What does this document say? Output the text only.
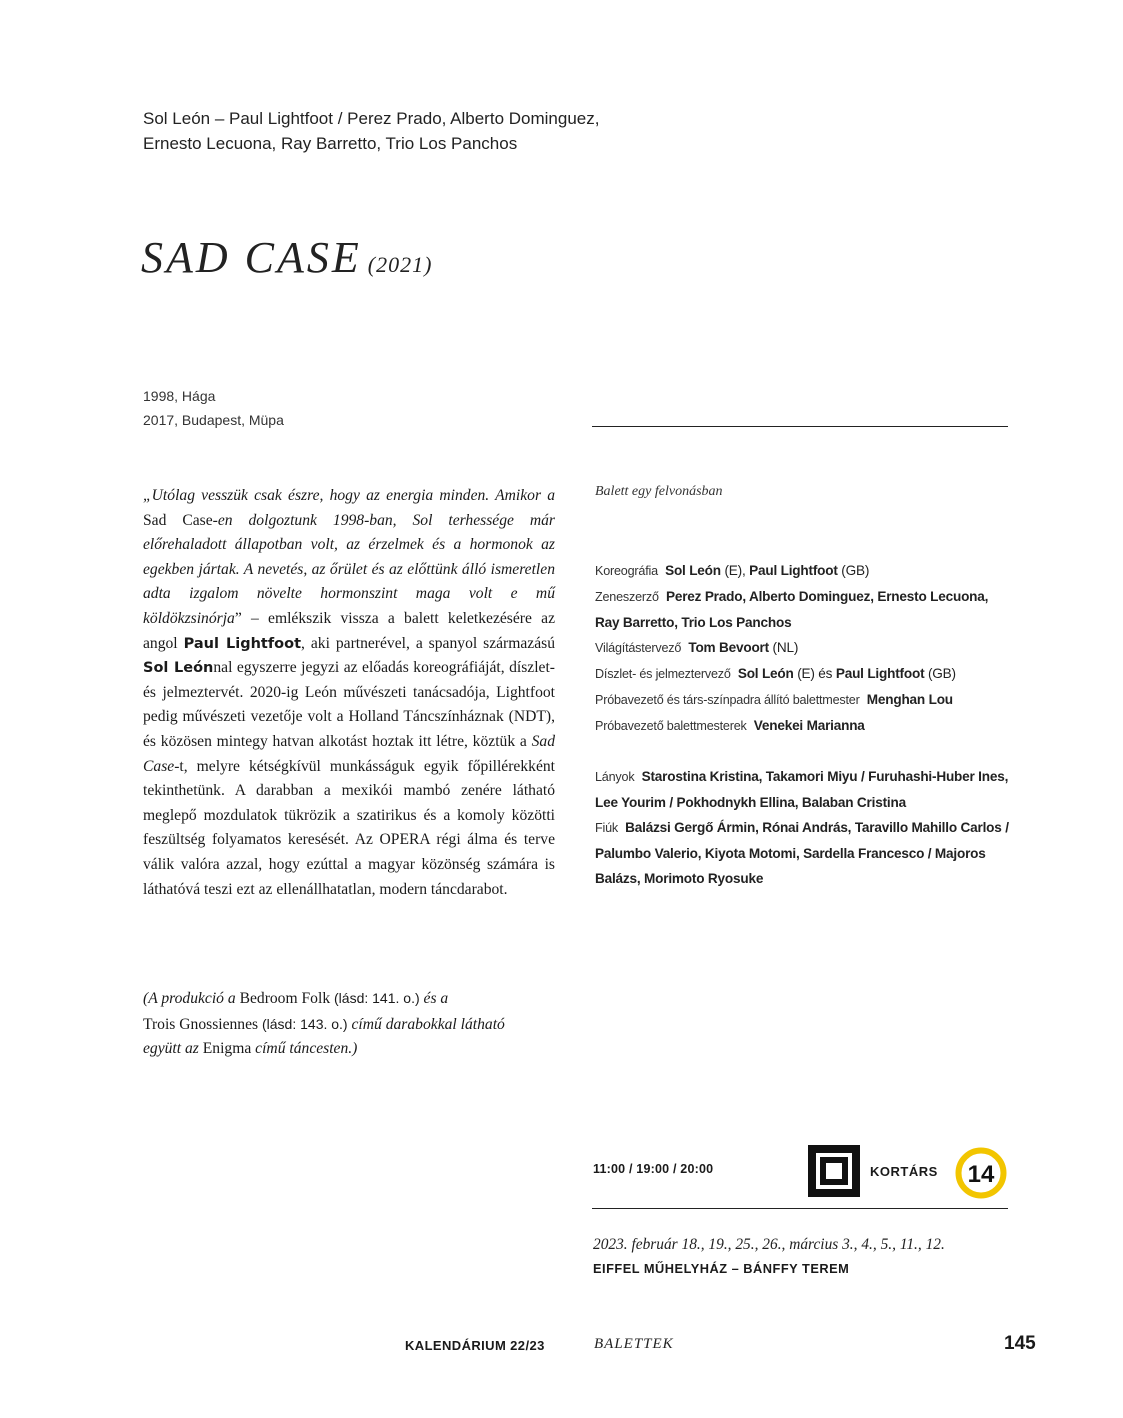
Sol León – Paul Lightfoot / Perez Prado, Alberto Dominguez,
Ernesto Lecuona, Ray Barretto, Trio Los Panchos
SAD CASE (2021)
1998, Hága
2017, Budapest, Müpa
„Utólag vesszük csak észre, hogy az energia minden. Amikor a Sad Case-en dolgoztunk 1998-ban, Sol terhessége már előrehaladott állapotban volt, az érzelmek és a hormonok az egekben jártak. A nevetés, az őrület és az előttünk álló ismeretlen adta izgalom növelte hormonszint maga volt e mű köldökzsinórja” – emlékszik vissza a balett keletkezésére az angol Paul Lightfoot, aki partnerével, a spanyol származású Sol Leónnal egyszerre jegyzi az előadás koreográfiáját, díszlet- és jelmeztervét. 2020-ig León művészeti tanácsadója, Lightfoot pedig művészeti vezetője volt a Holland Táncszínháznak (NDT), és közösen mintegy hatvan alkotást hoztak itt létre, köztük a Sad Case-t, melyre kétségkívül munkásságuk egyik főpillérekként tekinthetünk. A darabban a mexikói mambó zenére látható meglepő mozdulatok tükrözik a szatirikus és a komoly közötti feszültség folyamatos keresését. Az OPERA régi álma és terve válik valóra azzal, hogy ezúttal a magyar közönség számára is láthatóvá teszi ezt az ellenállhatatlan, modern táncdarabot.
(A produkció a Bedroom Folk (lásd: 141. o.) és a
Trois Gnossiennes (lásd: 143. o.) című darabokkal látható együtt az Enigma című táncesten.)
Balett egy felvonásban
Koreográfia Sol León (E), Paul Lightfoot (GB)
Zeneszerző Perez Prado, Alberto Dominguez, Ernesto Lecuona, Ray Barretto, Trio Los Panchos
Világítástervező Tom Bevoort (NL)
Díszlet- és jelmeztervező Sol León (E) és Paul Lightfoot (GB)
Próbavezető és társ-színpadra állító balettmester Menghan Lou
Próbavezető balettmesterek Venekei Marianna
Lányok Starostina Kristina, Takamori Miyu / Furuhashi-Huber Ines, Lee Yourim / Pokhodnykh Ellina, Balaban Cristina
Fiúk Balázsi Gergő Ármin, Rónai András, Taravillo Mahillo Carlos / Palumbo Valerio, Kiyota Motomi, Sardella Francesco / Majoros Balázs, Morimoto Ryosuke
11:00 / 19:00 / 20:00	KORTÁRS 14
2023. február 18., 19., 25., 26., március 3., 4., 5., 11., 12.
EIFFEL MŰHELYHÁZ – BÁNFFY TEREM
KALENDÁRIUM 22/23	BALETTEK	145
